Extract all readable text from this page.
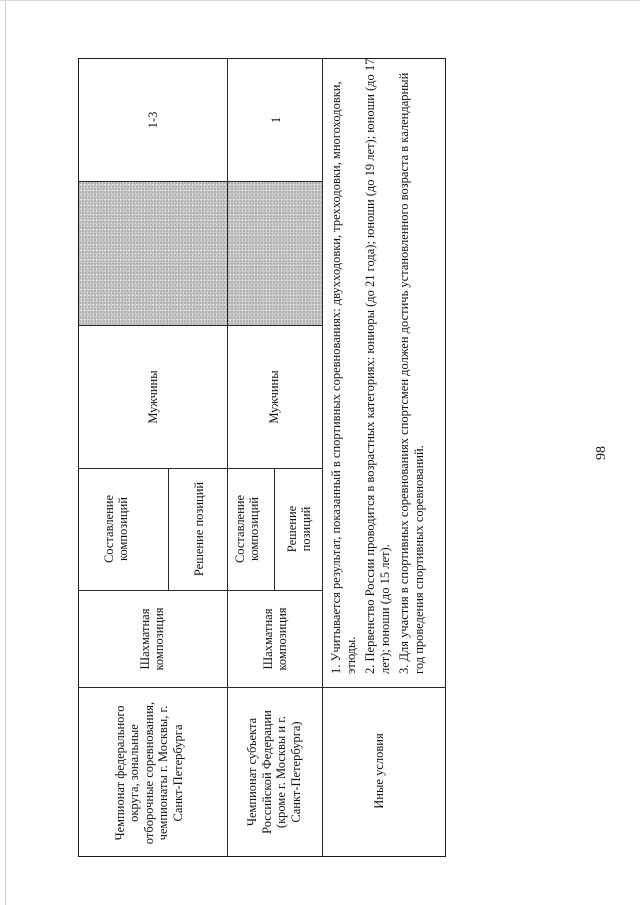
98
Чемпионат федерального округа, зональные отборочные соревнования, чемпионаты г. Москвы, г. Санкт-Петербурга
Шахматная композиция
Составление композиций	Решение позиций
Мужчины
1-3
Чемпионат субъекта Российской Федерации (кроме г. Москвы и г. Санкт-Петербурга)
Шахматная композиция
Составление композиций Решение позиций
Мужчины
1
Иные условия
1. Учитывается результат, показанный в спортивных соревнованиях: двухходовки, трехходовки, многоходовки, этюды. 2. Первенство России проводится в возрастных категориях: юниоры (до 21 года); юноши (до 19 лет); юноши (до 17 лет); юноши (до 15 лет). 3. Для участия в спортивных соревнованиях спортсмен должен достичь установленного возраста в календарный год проведения спортивных соревнований.
